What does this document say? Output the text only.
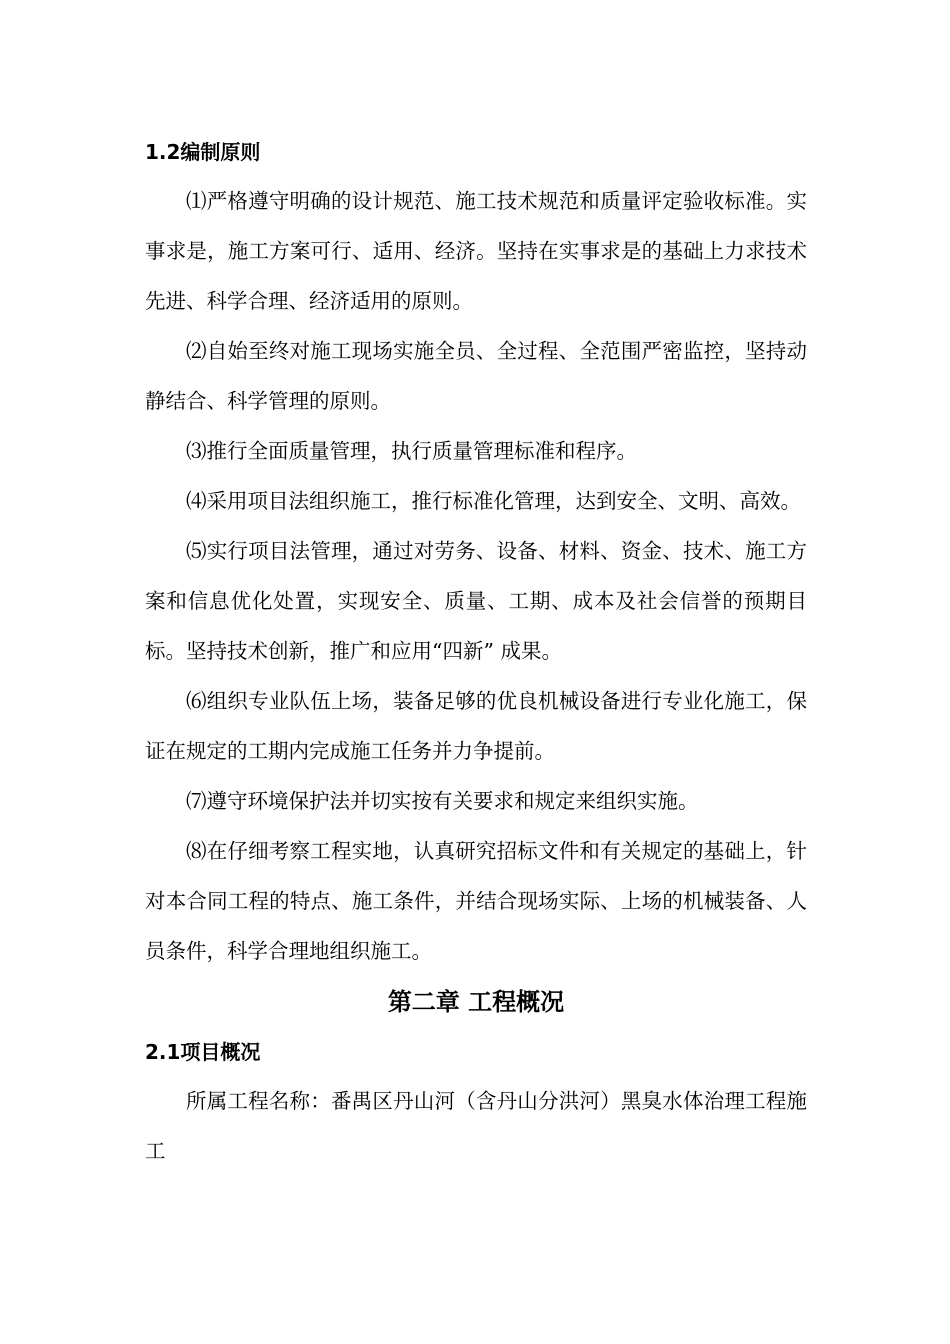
1.2编制原则

⑴严格遵守明确的设计规范、施工技术规范和质量评定验收标准。实事求是，施工方案可行、适用、经济。坚持在实事求是的基础上力求技术先进、科学合理、经济适用的原则。

⑵自始至终对施工现场实施全员、全过程、全范围严密监控，坚持动静结合、科学管理的原则。

⑶推行全面质量管理，执行质量管理标准和程序。

⑷采用项目法组织施工，推行标准化管理，达到安全、文明、高效。

⑸实行项目法管理，通过对劳务、设备、材料、资金、技术、施工方案和信息优化处置，实现安全、质量、工期、成本及社会信誉的预期目标。坚持技术创新，推广和应用“四新” 成果。

⑹组织专业队伍上场，装备足够的优良机械设备进行专业化施工，保证在规定的工期内完成施工任务并力争提前。

⑺遵守环境保护法并切实按有关要求和规定来组织实施。

⑻在仔细考察工程实地，认真研究招标文件和有关规定的基础上，针对本合同工程的特点、施工条件，并结合现场实际、上场的机械装备、人员条件，科学合理地组织施工。

第二章 工程概况
2.1项目概况

所属工程名称：番禺区丹山河（含丹山分洪河）黑臭水体治理工程施工
